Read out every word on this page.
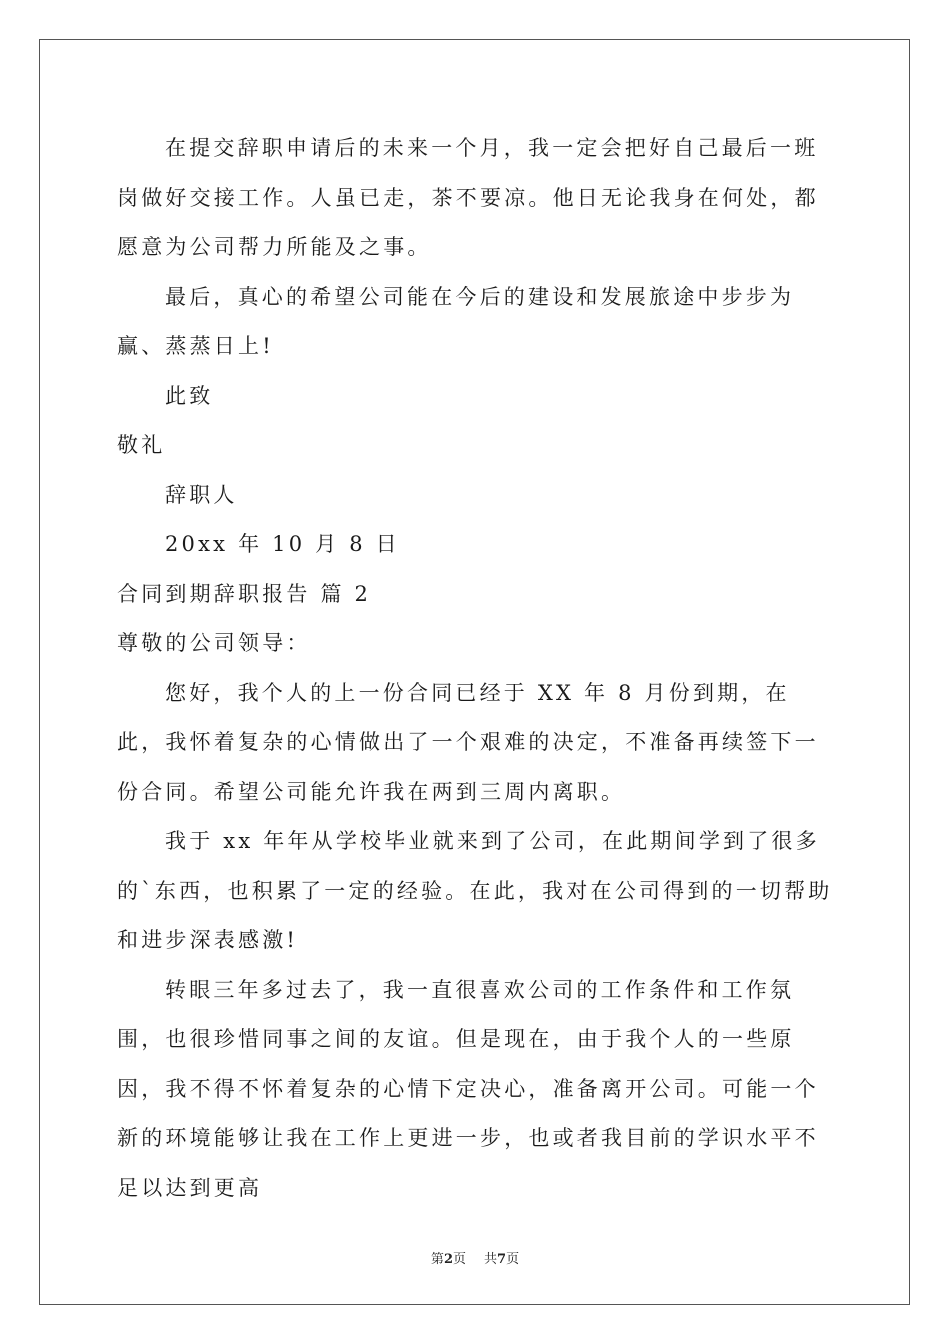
在提交辞职申请后的未来一个月，我一定会把好自己最后一班岗做好交接工作。人虽已走，茶不要凉。他日无论我身在何处，都愿意为公司帮力所能及之事。

最后，真心的希望公司能在今后的建设和发展旅途中步步为赢、蒸蒸日上!

此致

敬礼

辞职人

20xx 年 10 月 8 日

合同到期辞职报告 篇 2

尊敬的公司领导：

您好，我个人的上一份合同已经于 XX 年 8 月份到期，在此，我怀着复杂的心情做出了一个艰难的决定，不准备再续签下一份合同。希望公司能允许我在两到三周内离职。

我于 xx 年年从学校毕业就来到了公司，在此期间学到了很多的`东西，也积累了一定的经验。在此，我对在公司得到的一切帮助和进步深表感激!

转眼三年多过去了，我一直很喜欢公司的工作条件和工作氛围，也很珍惜同事之间的友谊。但是现在，由于我个人的一些原因，我不得不怀着复杂的心情下定决心，准备离开公司。可能一个新的环境能够让我在工作上更进一步，也或者我目前的学识水平不足以达到更高

第2页 共7页
